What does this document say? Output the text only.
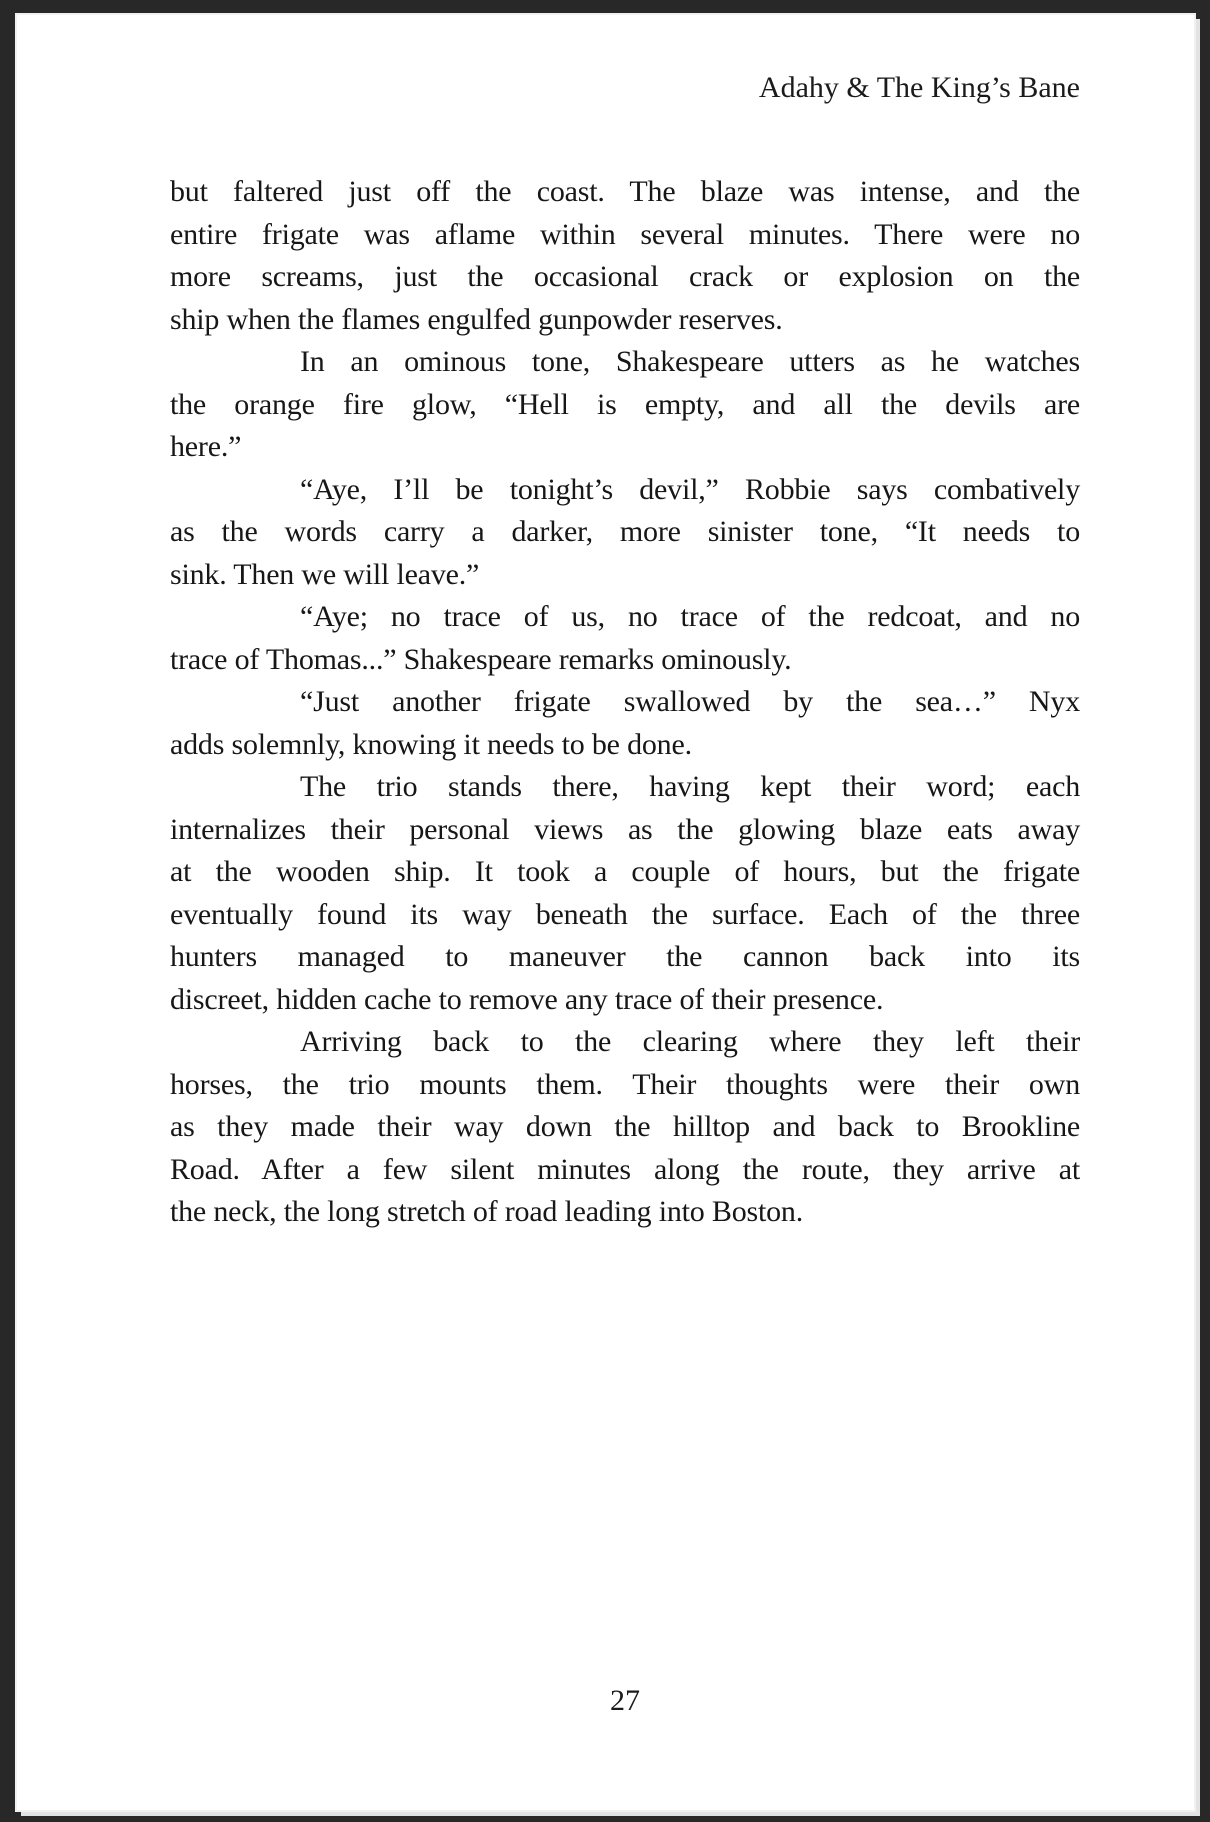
Adahy & The King’s Bane
but faltered just off the coast. The blaze was intense, and the
entire frigate was aflame within several minutes. There were no
more screams, just the occasional crack or explosion on the
ship when the flames engulfed gunpowder reserves.
In an ominous tone, Shakespeare utters as he watches
the orange fire glow, “Hell is empty, and all the devils are
here.”
“Aye, I’ll be tonight’s devil,” Robbie says combatively
as the words carry a darker, more sinister tone, “It needs to
sink. Then we will leave.”
“Aye; no trace of us, no trace of the redcoat, and no
trace of Thomas...” Shakespeare remarks ominously.
“Just another frigate swallowed by the sea…” Nyx
adds solemnly, knowing it needs to be done.
The trio stands there, having kept their word; each
internalizes their personal views as the glowing blaze eats away
at the wooden ship. It took a couple of hours, but the frigate
eventually found its way beneath the surface. Each of the three
hunters managed to maneuver the cannon back into its
discreet, hidden cache to remove any trace of their presence.
Arriving back to the clearing where they left their
horses, the trio mounts them. Their thoughts were their own
as they made their way down the hilltop and back to Brookline
Road. After a few silent minutes along the route, they arrive at
the neck, the long stretch of road leading into Boston.
27
